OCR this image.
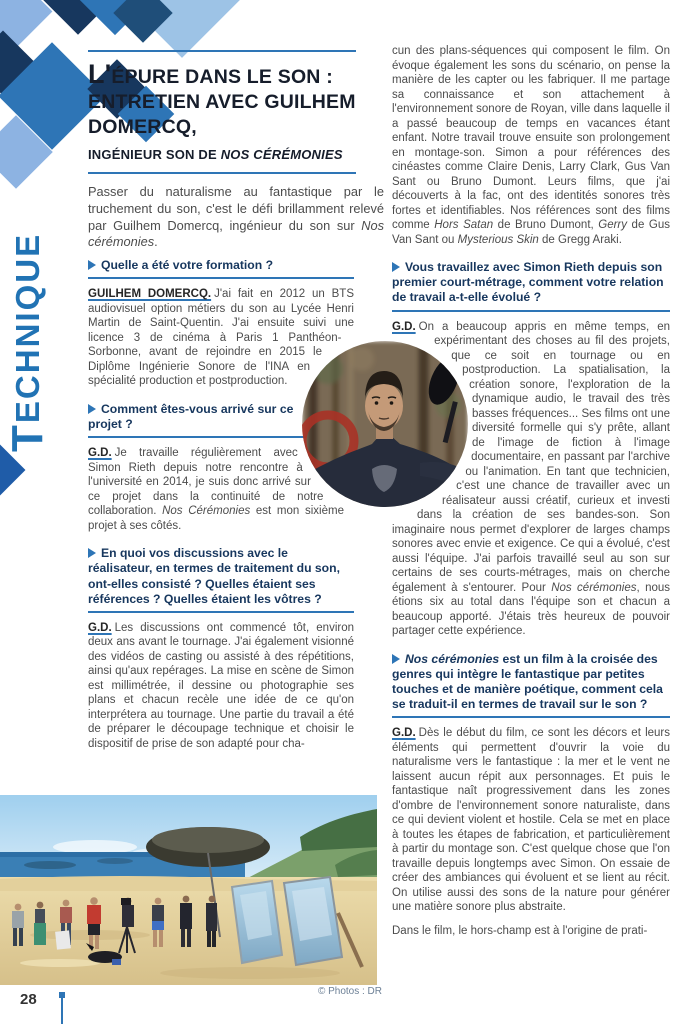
TECHNIQUE
L'ÉPURE DANS LE SON :
ENTRETIEN AVEC GUILHEM
DOMERCQ,
INGÉNIEUR SON DE NOS CÉRÉMONIES

Passer du naturalisme au fantastique par le truchement du son, c'est le défi brillamment relevé par Guilhem Domercq, ingénieur du son sur Nos cérémonies.

Quelle a été votre formation ?

GUILHEM DOMERCQ. J'ai fait en 2012 un BTS audiovisuel option métiers du son au Lycée Henri Martin de Saint-Quentin. J'ai ensuite suivi une licence 3 de cinéma à Paris 1 Panthéon-Sorbonne, avant de rejoindre en 2015 le Diplôme Ingénierie Sonore de l'INA en spécialité production et postproduction.

Comment êtes-vous arrivé sur ce projet ?

G.D. Je travaille régulièrement avec Simon Rieth depuis notre rencontre à l'université en 2014, je suis donc arrivé sur ce projet dans la continuité de notre collaboration. Nos Cérémonies est mon sixième projet à ses côtés.

En quoi vos discussions avec le réalisateur, en termes de traitement du son, ont-elles consisté ? Quelles étaient ses références ? Quelles étaient les vôtres ?

G.D. Les discussions ont commencé tôt, environ deux ans avant le tournage. J'ai également visionné des vidéos de casting ou assisté à des répétitions, ainsi qu'aux repérages. La mise en scène de Simon est millimétrée, il dessine ou photographie ses plans et chacun recèle une idée de ce qu'on interprétera au tournage. Une partie du travail a été de préparer le découpage technique et choisir le dispositif de prise de son adapté pour cha-

cun des plans-séquences qui composent le film. On évoque également les sons du scénario, on pense la manière de les capter ou les fabriquer. Il me partage sa connaissance et son attachement à l'environnement sonore de Royan, ville dans laquelle il a passé beaucoup de temps en vacances étant enfant. Notre travail trouve ensuite son prolongement en montage-son. Simon a pour références des cinéastes comme Claire Denis, Larry Clark, Gus Van Sant ou Bruno Dumont. Leurs films, que j'ai découverts à la fac, ont des identités sonores très fortes et identifiables. Nos références sont des films comme Hors Satan de Bruno Dumont, Gerry de Gus Van Sant ou Mysterious Skin de Gregg Araki.

Vous travaillez avec Simon Rieth depuis son premier court-métrage, comment votre relation de travail a-t-elle évolué ?

G.D. On a beaucoup appris en même temps, en expérimentant des choses au fil des projets, que ce soit en tournage ou en postproduction. La spatialisation, la création sonore, l'exploration de la dynamique audio, le travail des très basses fréquences... Ses films ont une diversité formelle qui s'y prête, allant de l'image de fiction à l'image documentaire, en passant par l'archive ou l'animation. En tant que technicien, c'est une chance de travailler avec un réalisateur aussi créatif, curieux et investi dans la création de ses bandes-son. Son imaginaire nous permet d'explorer de larges champs sonores avec envie et exigence. Ce qui a évolué, c'est aussi l'équipe. J'ai parfois travaillé seul au son sur certains de ses courts-métrages, mais on cherche également à s'entourer. Pour Nos cérémonies, nous étions six au total dans l'équipe son et chacun a beaucoup apporté. J'étais très heureux de pouvoir partager cette expérience.

Nos cérémonies est un film à la croisée des genres qui intègre le fantastique par petites touches et de manière poétique, comment cela se traduit-il en termes de travail sur le son ?

G.D. Dès le début du film, ce sont les décors et leurs éléments qui permettent d'ouvrir la voie du naturalisme vers le fantastique : la mer et le vent ne laissent aucun répit aux personnages. Et puis le fantastique naît progressivement dans les zones d'ombre de l'environnement sonore naturaliste, dans ce qui devient violent et hostile. Cela se met en place à toutes les étapes de fabrication, et particulièrement à partir du montage son. C'est quelque chose que l'on travaille depuis longtemps avec Simon. On essaie de créer des ambiances qui évoluent et se lient au récit. On utilise aussi des sons de la nature pour générer une matière sonore plus abstraite.

Dans le film, le hors-champ est à l'origine de prati-

© Photos : DR
28
